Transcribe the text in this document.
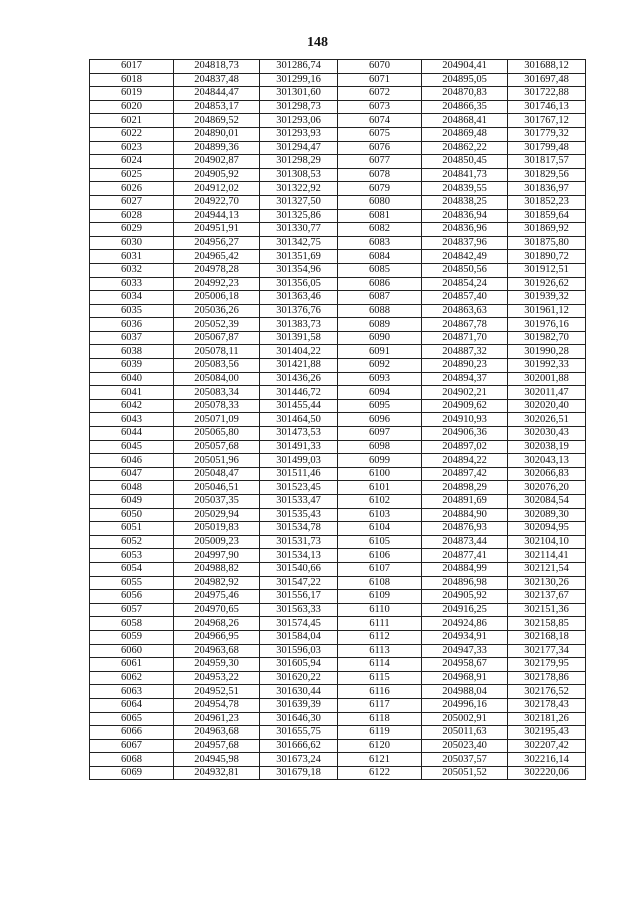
148
6017	204818,73	301286,74	6070	204904,41	301688,12
6018	204837,48	301299,16	6071	204895,05	301697,48
6019	204844,47	301301,60	6072	204870,83	301722,88
6020	204853,17	301298,73	6073	204866,35	301746,13
6021	204869,52	301293,06	6074	204868,41	301767,12
6022	204890,01	301293,93	6075	204869,48	301779,32
6023	204899,36	301294,47	6076	204862,22	301799,48
6024	204902,87	301298,29	6077	204850,45	301817,57
6025	204905,92	301308,53	6078	204841,73	301829,56
6026	204912,02	301322,92	6079	204839,55	301836,97
6027	204922,70	301327,50	6080	204838,25	301852,23
6028	204944,13	301325,86	6081	204836,94	301859,64
6029	204951,91	301330,77	6082	204836,96	301869,92
6030	204956,27	301342,75	6083	204837,96	301875,80
6031	204965,42	301351,69	6084	204842,49	301890,72
6032	204978,28	301354,96	6085	204850,56	301912,51
6033	204992,23	301356,05	6086	204854,24	301926,62
6034	205006,18	301363,46	6087	204857,40	301939,32
6035	205036,26	301376,76	6088	204863,63	301961,12
6036	205052,39	301383,73	6089	204867,78	301976,16
6037	205067,87	301391,58	6090	204871,70	301982,70
6038	205078,11	301404,22	6091	204887,32	301990,28
6039	205083,56	301421,88	6092	204890,23	301992,33
6040	205084,00	301436,26	6093	204894,37	302001,88
6041	205083,34	301446,72	6094	204902,21	302011,47
6042	205078,33	301455,44	6095	204909,62	302020,40
6043	205071,09	301464,50	6096	204910,93	302026,51
6044	205065,80	301473,53	6097	204906,36	302030,43
6045	205057,68	301491,33	6098	204897,02	302038,19
6046	205051,96	301499,03	6099	204894,22	302043,13
6047	205048,47	301511,46	6100	204897,42	302066,83
6048	205046,51	301523,45	6101	204898,29	302076,20
6049	205037,35	301533,47	6102	204891,69	302084,54
6050	205029,94	301535,43	6103	204884,90	302089,30
6051	205019,83	301534,78	6104	204876,93	302094,95
6052	205009,23	301531,73	6105	204873,44	302104,10
6053	204997,90	301534,13	6106	204877,41	302114,41
6054	204988,82	301540,66	6107	204884,99	302121,54
6055	204982,92	301547,22	6108	204896,98	302130,26
6056	204975,46	301556,17	6109	204905,92	302137,67
6057	204970,65	301563,33	6110	204916,25	302151,36
6058	204968,26	301574,45	6111	204924,86	302158,85
6059	204966,95	301584,04	6112	204934,91	302168,18
6060	204963,68	301596,03	6113	204947,33	302177,34
6061	204959,30	301605,94	6114	204958,67	302179,95
6062	204953,22	301620,22	6115	204968,91	302178,86
6063	204952,51	301630,44	6116	204988,04	302176,52
6064	204954,78	301639,39	6117	204996,16	302178,43
6065	204961,23	301646,30	6118	205002,91	302181,26
6066	204963,68	301655,75	6119	205011,63	302195,43
6067	204957,68	301666,62	6120	205023,40	302207,42
6068	204945,98	301673,24	6121	205037,57	302216,14
6069	204932,81	301679,18	6122	205051,52	302220,06
